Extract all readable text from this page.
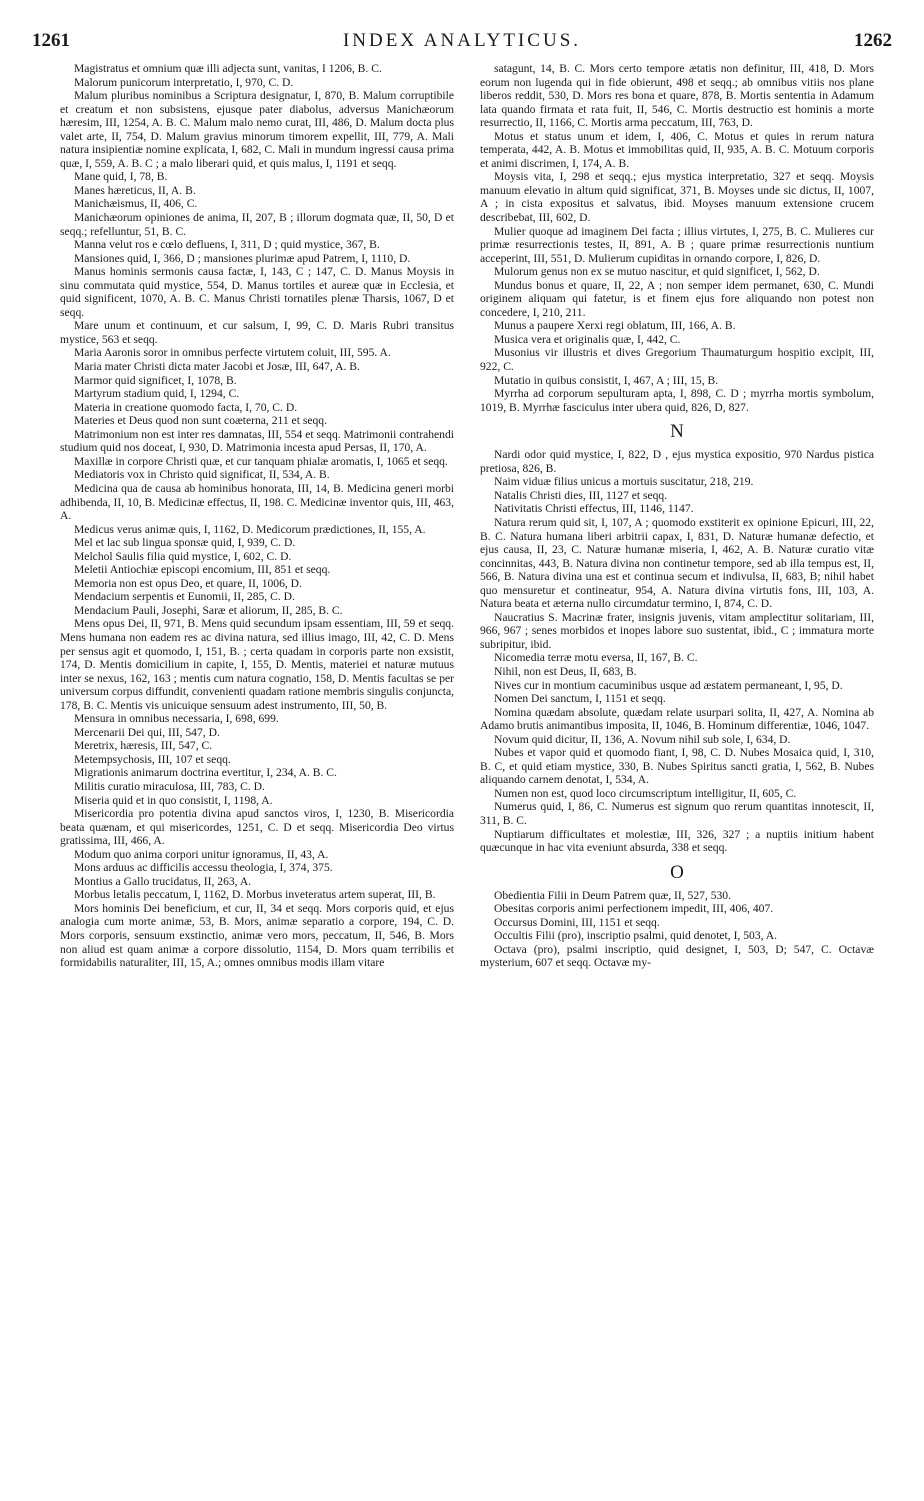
1261	INDEX ANALYTICUS.	1262

Magistratus et omnium quæ illi adjecta sunt, vanitas, I 1206, B. C.

Malorum punicorum interpretatio, I, 970, C. D.

Malum pluribus nominibus a Scriptura designatur, I, 870, B. Malum corruptibile et creatum et non subsistens, ejusque pater diabolus, adversus Manichæorum hæresim, III, 1254, A. B. C. Malum malo nemo curat, III, 486, D. Malum docta plus valet arte, II, 754, D. Malum gravius minorum timorem expellit, III, 779, A. Mali natura insipientiæ nomine explicata, I, 682, C. Mali in mundum ingressi causa prima quæ, I, 559, A. B. C ; a malo liberari quid, et quis malus, I, 1191 et seqq.

Mane quid, I, 78, B.

Manes hæreticus, II, A. B.

Manichæismus, II, 406, C.

Manichæorum opiniones de anima, II, 207, B ; illorum dogmata quæ, II, 50, D et seqq.; refelluntur, 51, B. C.

Manna velut ros e cœlo defluens, I, 311, D ; quid mystice, 367, B.

Mansiones quid, I, 366, D ; mansiones plurimæ apud Patrem, I, 1110, D.

Manus hominis sermonis causa factæ, I, 143, C ; 147, C. D. Manus Moysis in sinu commutata quid mystice, 554, D. Manus tortiles et aureæ quæ in Ecclesia, et quid significent, 1070, A. B. C. Manus Christi tornatiles plenæ Tharsis, 1067, D et seqq.

Mare unum et continuum, et cur salsum, I, 99, C. D. Maris Rubri transitus mystice, 563 et seqq.

Maria Aaronis soror in omnibus perfecte virtutem coluit, III, 595. A.

Maria mater Christi dicta mater Jacobi et Josæ, III, 647, A. B.

Marmor quid significet, I, 1078, B.

Martyrum stadium quid, I, 1294, C.

Materia in creatione quomodo facta, I, 70, C. D.

Materies et Deus quod non sunt coæterna, 211 et seqq.

Matrimonium non est inter res damnatas, III, 554 et seqq. Matrimonii contrahendi studium quid nos doceat, I, 930, D. Matrimonia incesta apud Persas, II, 170, A.

Maxillæ in corpore Christi quæ, et cur tanquam phialæ aromatis, I, 1065 et seqq.

Mediatoris vox in Christo quid significat, II, 534, A. B.

Medicina qua de causa ab hominibus honorata, III, 14, B. Medicina generi morbi adhibenda, II, 10, B. Medicinæ effectus, II, 198. C. Medicinæ inventor quis, III, 463, A.

Medicus verus animæ quis, I, 1162, D. Medicorum prædictiones, II, 155, A.

Mel et lac sub lingua sponsæ quid, I, 939, C. D.

Melchol Saulis filia quid mystice, I, 602, C. D.

Meletii Antiochiæ episcopi encomium, III, 851 et seqq.

Memoria non est opus Deo, et quare, II, 1006, D.

Mendacium serpentis et Eunomii, II, 285, C. D.

Mendacium Pauli, Josephi, Saræ et aliorum, II, 285, B. C.

Mens opus Dei, II, 971, B. Mens quid secundum ipsam essentiam, III, 59 et seqq. Mens humana non eadem res ac divina natura, sed illius imago, III, 42, C. D. Mens per sensus agit et quomodo, I, 151, B. ; certa quadam in corporis parte non exsistit, 174, D. Mentis domicilium in capite, I, 155, D. Mentis, materiei et naturæ mutuus inter se nexus, 162, 163 ; mentis cum natura cognatio, 158, D. Mentis facultas se per universum corpus diffundit, convenienti quadam ratione membris singulis conjuncta, 178, B. C. Mentis vis unicuique sensuum adest instrumento, III, 50, B.

Mensura in omnibus necessaria, I, 698, 699.

Mercenarii Dei qui, III, 547, D.

Meretrix, hæresis, III, 547, C.

Metempsychosis, III, 107 et seqq.

Migrationis animarum doctrina evertitur, I, 234, A. B. C.

Militis curatio miraculosa, III, 783, C. D.

Miseria quid et in quo consistit, I, 1198, A.

Misericordia pro potentia divina apud sanctos viros, I, 1230, B. Misericordia beata quænam, et qui misericordes, 1251, C. D et seqq. Misericordia Deo virtus gratissima, III, 466, A.

Modum quo anima corpori unitur ignoramus, II, 43, A.

Mons arduus ac difficilis accessu theologia, I, 374, 375.

Montius a Gallo trucidatus, II, 263, A.

Morbus letalis peccatum, I, 1162, D. Morbus inveteratus artem superat, III, B.

Mors hominis Dei beneficium, et cur, II, 34 et seqq. Mors corporis quid, et ejus analogia cum morte animæ, 53, B. Mors, animæ separatio a corpore, 194, C. D. Mors corporis, sensuum exstinctio, animæ vero mors, peccatum, II, 546, B. Mors non aliud est quam animæ a corpore dissolutio, 1154, D. Mors quam terribilis et formidabilis naturaliter, III, 15, A.; omnes omnibus modis illam vitare

satagunt, 14, B. C. Mors certo tempore ætatis non definitur, III, 418, D. Mors eorum non lugenda qui in fide obierunt, 498 et seqq.; ab omnibus vitiis nos plane liberos reddit, 530, D. Mors res bona et quare, 878, B. Mortis sententia in Adamum lata quando firmata et rata fuit, II, 546, C. Mortis destructio est hominis a morte resurrectio, II, 1166, C. Mortis arma peccatum, III, 763, D.

Motus et status unum et idem, I, 406, C. Motus et quies in rerum natura temperata, 442, A. B. Motus et immobilitas quid, II, 935, A. B. C. Motuum corporis et animi discrimen, I, 174, A. B.

Moysis vita, I, 298 et seqq.; ejus mystica interpretatio, 327 et seqq. Moysis manuum elevatio in altum quid significat, 371, B. Moyses unde sic dictus, II, 1007, A ; in cista expositus et salvatus, ibid. Moyses manuum extensione crucem describebat, III, 602, D.

Mulier quoque ad imaginem Dei facta ; illius virtutes, I, 275, B. C. Mulieres cur primæ resurrectionis testes, II, 891, A. B ; quare primæ resurrectionis nuntium acceperint, III, 551, D. Mulierum cupiditas in ornando corpore, I, 826, D.

Mulorum genus non ex se mutuo nascitur, et quid significet, I, 562, D.

Mundus bonus et quare, II, 22, A ; non semper idem permanet, 630, C. Mundi originem aliquam qui fatetur, is et finem ejus fore aliquando non potest non concedere, I, 210, 211.

Munus a paupere Xerxi regi oblatum, III, 166, A. B.

Musica vera et originalis quæ, I, 442, C.

Musonius vir illustris et dives Gregorium Thaumaturgum hospitio excipit, III, 922, C.

Mutatio in quibus consistit, I, 467, A ; III, 15, B.

Myrrha ad corporum sepulturam apta, I, 898, C. D ; myrrha mortis symbolum, 1019, B. Myrrhæ fasciculus inter ubera quid, 826, D, 827.

N

Nardi odor quid mystice, I, 822, D , ejus mystica expositio, 970 Nardus pistica pretiosa, 826, B.

Naim viduæ filius unicus a mortuis suscitatur, 218, 219.

Natalis Christi dies, III, 1127 et seqq.

Nativitatis Christi effectus, III, 1146, 1147.

Natura rerum quid sit, I, 107, A ; quomodo exstiterit ex opinione Epicuri, III, 22, B. C. Natura humana liberi arbitrii capax, I, 831, D. Naturæ humanæ defectio, et ejus causa, II, 23, C. Naturæ humanæ miseria, I, 462, A. B. Naturæ curatio vitæ concinnitas, 443, B. Natura divina non continetur tempore, sed ab illa tempus est, II, 566, B. Natura divina una est et continua secum et indivulsa, II, 683, B; nihil habet quo mensuretur et contineatur, 954, A. Natura divina virtutis fons, III, 103, A. Natura beata et æterna nullo circumdatur termino, I, 874, C. D.

Naucratius S. Macrinæ frater, insignis juvenis, vitam amplectitur solitariam, III, 966, 967 ; senes morbidos et inopes labore suo sustentat, ibid., C ; immatura morte subripitur, ibid.

Nicomedia terræ motu eversa, II, 167, B. C.

Nihil, non est Deus, II, 683, B.

Nives cur in montium cacuminibus usque ad æstatem permaneant, I, 95, D.

Nomen Dei sanctum, I, 1151 et seqq.

Nomina quædam absolute, quædam relate usurpari solita, II, 427, A. Nomina ab Adamo brutis animantibus imposita, II, 1046, B. Hominum differentiæ, 1046, 1047.

Novum quid dicitur, II, 136, A. Novum nihil sub sole, I, 634, D.

Nubes et vapor quid et quomodo fiant, I, 98, C. D. Nubes Mosaica quid, I, 310, B. C, et quid etiam mystice, 330, B. Nubes Spiritus sancti gratia, I, 562, B. Nubes aliquando carnem denotat, I, 534, A.

Numen non est, quod loco circumscriptum intelligitur, II, 605, C.

Numerus quid, I, 86, C. Numerus est signum quo rerum quantitas innotescit, II, 311, B. C.

Nuptiarum difficultates et molestiæ, III, 326, 327 ; a nuptiis initium habent quæcunque in hac vita eveniunt absurda, 338 et seqq.

O

Obedientia Filii in Deum Patrem quæ, II, 527, 530.

Obesitas corporis animi perfectionem impedit, III, 406, 407.

Occursus Domini, III, 1151 et seqq.

Occultis Filii (pro), inscriptio psalmi, quid denotet, I, 503, A.

Octava (pro), psalmi inscriptio, quid designet, I, 503, D; 547, C. Octavæ mysterium, 607 et seqq. Octavæ my-
